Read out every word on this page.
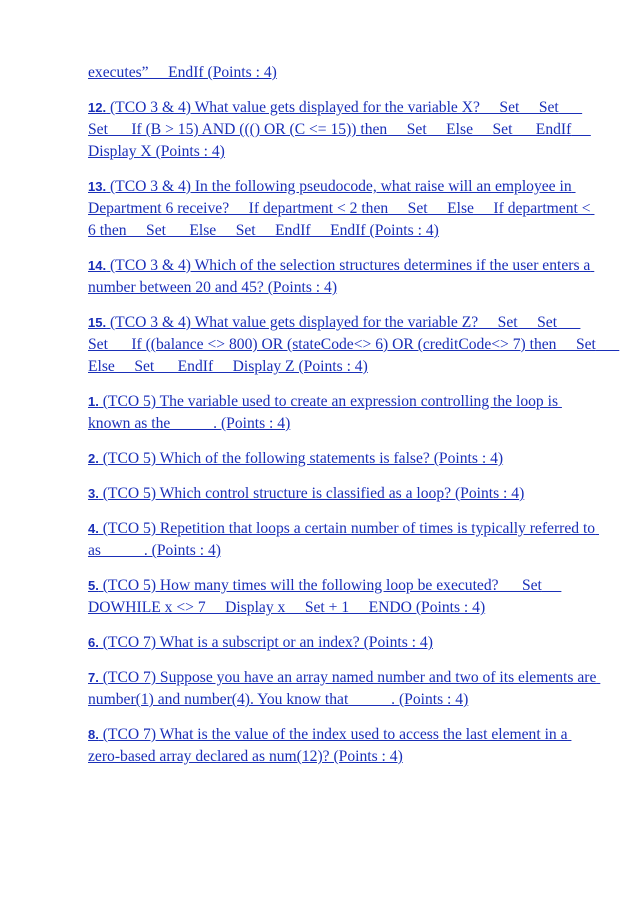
executes”     EndIf (Points : 4)
12. (TCO 3 & 4) What value gets displayed for the variable X?     Set     Set      Set      If (B > 15) AND ((() OR (C <= 15)) then     Set     Else     Set      EndIf     Display X (Points : 4)
13. (TCO 3 & 4) In the following pseudocode, what raise will an employee in Department 6 receive?     If department < 2 then     Set     Else     If department < 6 then     Set      Else     Set     EndIf     EndIf (Points : 4)
14. (TCO 3 & 4) Which of the selection structures determines if the user enters a number between 20 and 45? (Points : 4)
15. (TCO 3 & 4) What value gets displayed for the variable Z?     Set     Set      Set      If ((balance <> 800) OR (stateCode<> 6) OR (creditCode<> 7) then     Set      Else     Set      EndIf     Display Z (Points : 4)
1. (TCO 5) The variable used to create an expression controlling the loop is known as the _____. (Points : 4)
2. (TCO 5) Which of the following statements is false? (Points : 4)
3. (TCO 5) Which control structure is classified as a loop? (Points : 4)
4. (TCO 5) Repetition that loops a certain number of times is typically referred to as _____. (Points : 4)
5. (TCO 5) How many times will the following loop be executed?      Set     DOWHILE x <> 7     Display x     Set + 1     ENDO (Points : 4)
6. (TCO 7) What is a subscript or an index? (Points : 4)
7. (TCO 7) Suppose you have an array named number and two of its elements are number(1) and number(4). You know that _____. (Points : 4)
8. (TCO 7) What is the value of the index used to access the last element in a zero-based array declared as num(12)? (Points : 4)
